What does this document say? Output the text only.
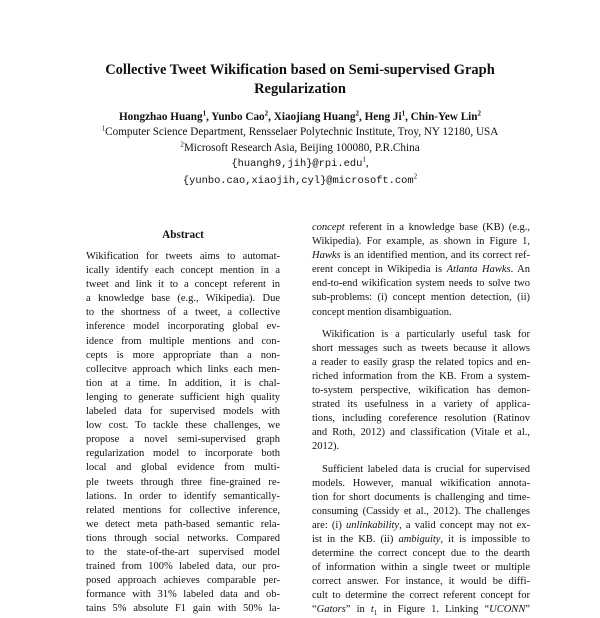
Collective Tweet Wikification based on Semi-supervised Graph
Regularization
Hongzhao Huang$^1$, Yunbo Cao$^2$, Xiaojiang Huang$^2$, Heng Ji$^1$, Chin-Yew Lin$^2$
$^1$Computer Science Department, Rensselaer Polytechnic Institute, Troy, NY 12180, USA
$^2$Microsoft Research Asia, Beijing 100080, P.R.China
{huangh9,jih}@rpi.edu$^1$,
{yunbo.cao,xiaojih,cyl}@microsoft.com$^2$
Abstract
Wikification for tweets aims to automat-
ically identify each concept mention in a
tweet and link it to a concept referent in
a knowledge base (e.g., Wikipedia). Due
to the shortness of a tweet, a collective
inference model incorporating global ev-
idence from multiple mentions and con-
cepts is more appropriate than a non-
collecitve approach which links each men-
tion at a time. In addition, it is chal-
lenging to generate sufficient high quality
labeled data for supervised models with
low cost. To tackle these challenges, we
propose a novel semi-supervised graph
regularization model to incorporate both
local and global evidence from multi-
ple tweets through three fine-grained re-
lations. In order to identify semantically-
related mentions for collective inference,
we detect meta path-based semantic rela-
tions through social networks. Compared
to the state-of-the-art supervised model
trained from 100% labeled data, our pro-
posed approach achieves comparable per-
formance with 31% labeled data and ob-
tains 5% absolute F1 gain with 50% la-
concept referent in a knowledge base (KB) (e.g.,
Wikipedia). For example, as shown in Figure 1,
Hawks is an identified mention, and its correct ref-
erent concept in Wikipedia is Atlanta Hawks. An
end-to-end wikification system needs to solve two
sub-problems: (i) concept mention detection, (ii)
concept mention disambiguation.
Wikification is a particularly useful task for
short messages such as tweets because it allows
a reader to easily grasp the related topics and en-
riched information from the KB. From a system-
to-system perspective, wikification has demon-
strated its usefulness in a variety of applica-
tions, including coreference resolution (Ratinov
and Roth, 2012) and classification (Vitale et al.,
2012).
Sufficient labeled data is crucial for supervised
models. However, manual wikification annota-
tion for short documents is challenging and time-
consuming (Cassidy et al., 2012). The challenges
are: (i) unlinkability, a valid concept may not ex-
ist in the KB. (ii) ambiguity, it is impossible to
determine the correct concept due to the dearth
of information within a single tweet or multiple
correct answer. For instance, it would be diffi-
cult to determine the correct referent concept for
“Gators” in $t_1$ in Figure 1. Linking “UCONN”
